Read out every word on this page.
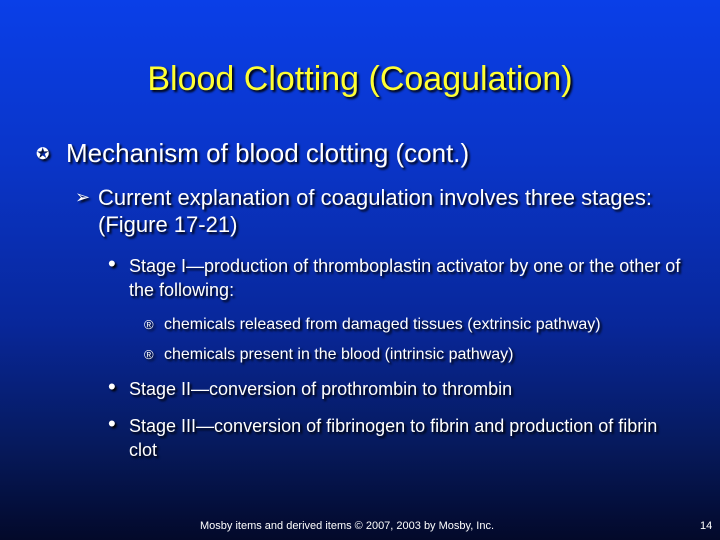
Blood Clotting (Coagulation)
✪ Mechanism of blood clotting (cont.)
➢ Current explanation of coagulation involves three stages: (Figure 17-21)
• Stage I—production of thromboplastin activator by one or the other of the following:
® chemicals released from damaged tissues (extrinsic pathway)
® chemicals present in the blood (intrinsic pathway)
• Stage II—conversion of prothrombin to thrombin
• Stage III—conversion of fibrinogen to fibrin and production of fibrin clot
Mosby items and derived items © 2007, 2003 by Mosby, Inc.	14
